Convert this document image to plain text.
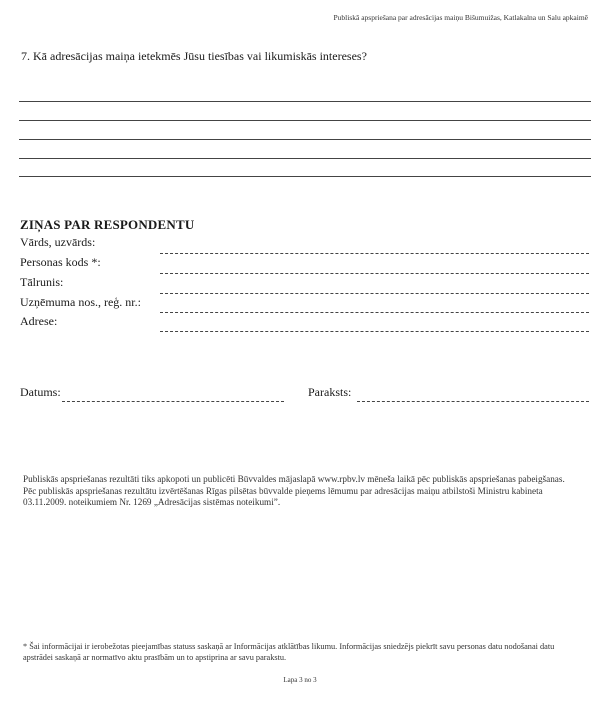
Publiskā apspriešana par adresācijas maiņu Bišumuižas, Katlakalna un Salu apkaimē
7. Kā adresācijas maiņa ietekmēs Jūsu tiesības vai likumiskās intereses?
ZIŅAS PAR RESPONDENTU
Vārds, uzvārds:
Personas kods *:
Tālrunis:
Uzņēmuma nos., reģ. nr.:
Adrese:
Datums:	Paraksts:
Publiskās apspriešanas rezultāti tiks apkopoti un publicēti Būvvaldes mājaslapā www.rpbv.lv mēneša laikā pēc publiskās apspriešanas pabeigšanas. Pēc publiskās apspriešanas rezultātu izvērtēšanas Rīgas pilsētas būvvalde pieņems lēmumu par adresācijas maiņu atbilstoši Ministru kabineta 03.11.2009. noteikumiem Nr. 1269 „Adresācijas sistēmas noteikumi”.
* Šai informācijai ir ierobežotas pieejamības statuss saskaņā ar Informācijas atklātības likumu. Informācijas sniedzējs piekrīt savu personas datu nodošanai datu apstrādei saskaņā ar normatīvo aktu prasībām un to apstiprina ar savu parakstu.
Lapa 3 no 3
